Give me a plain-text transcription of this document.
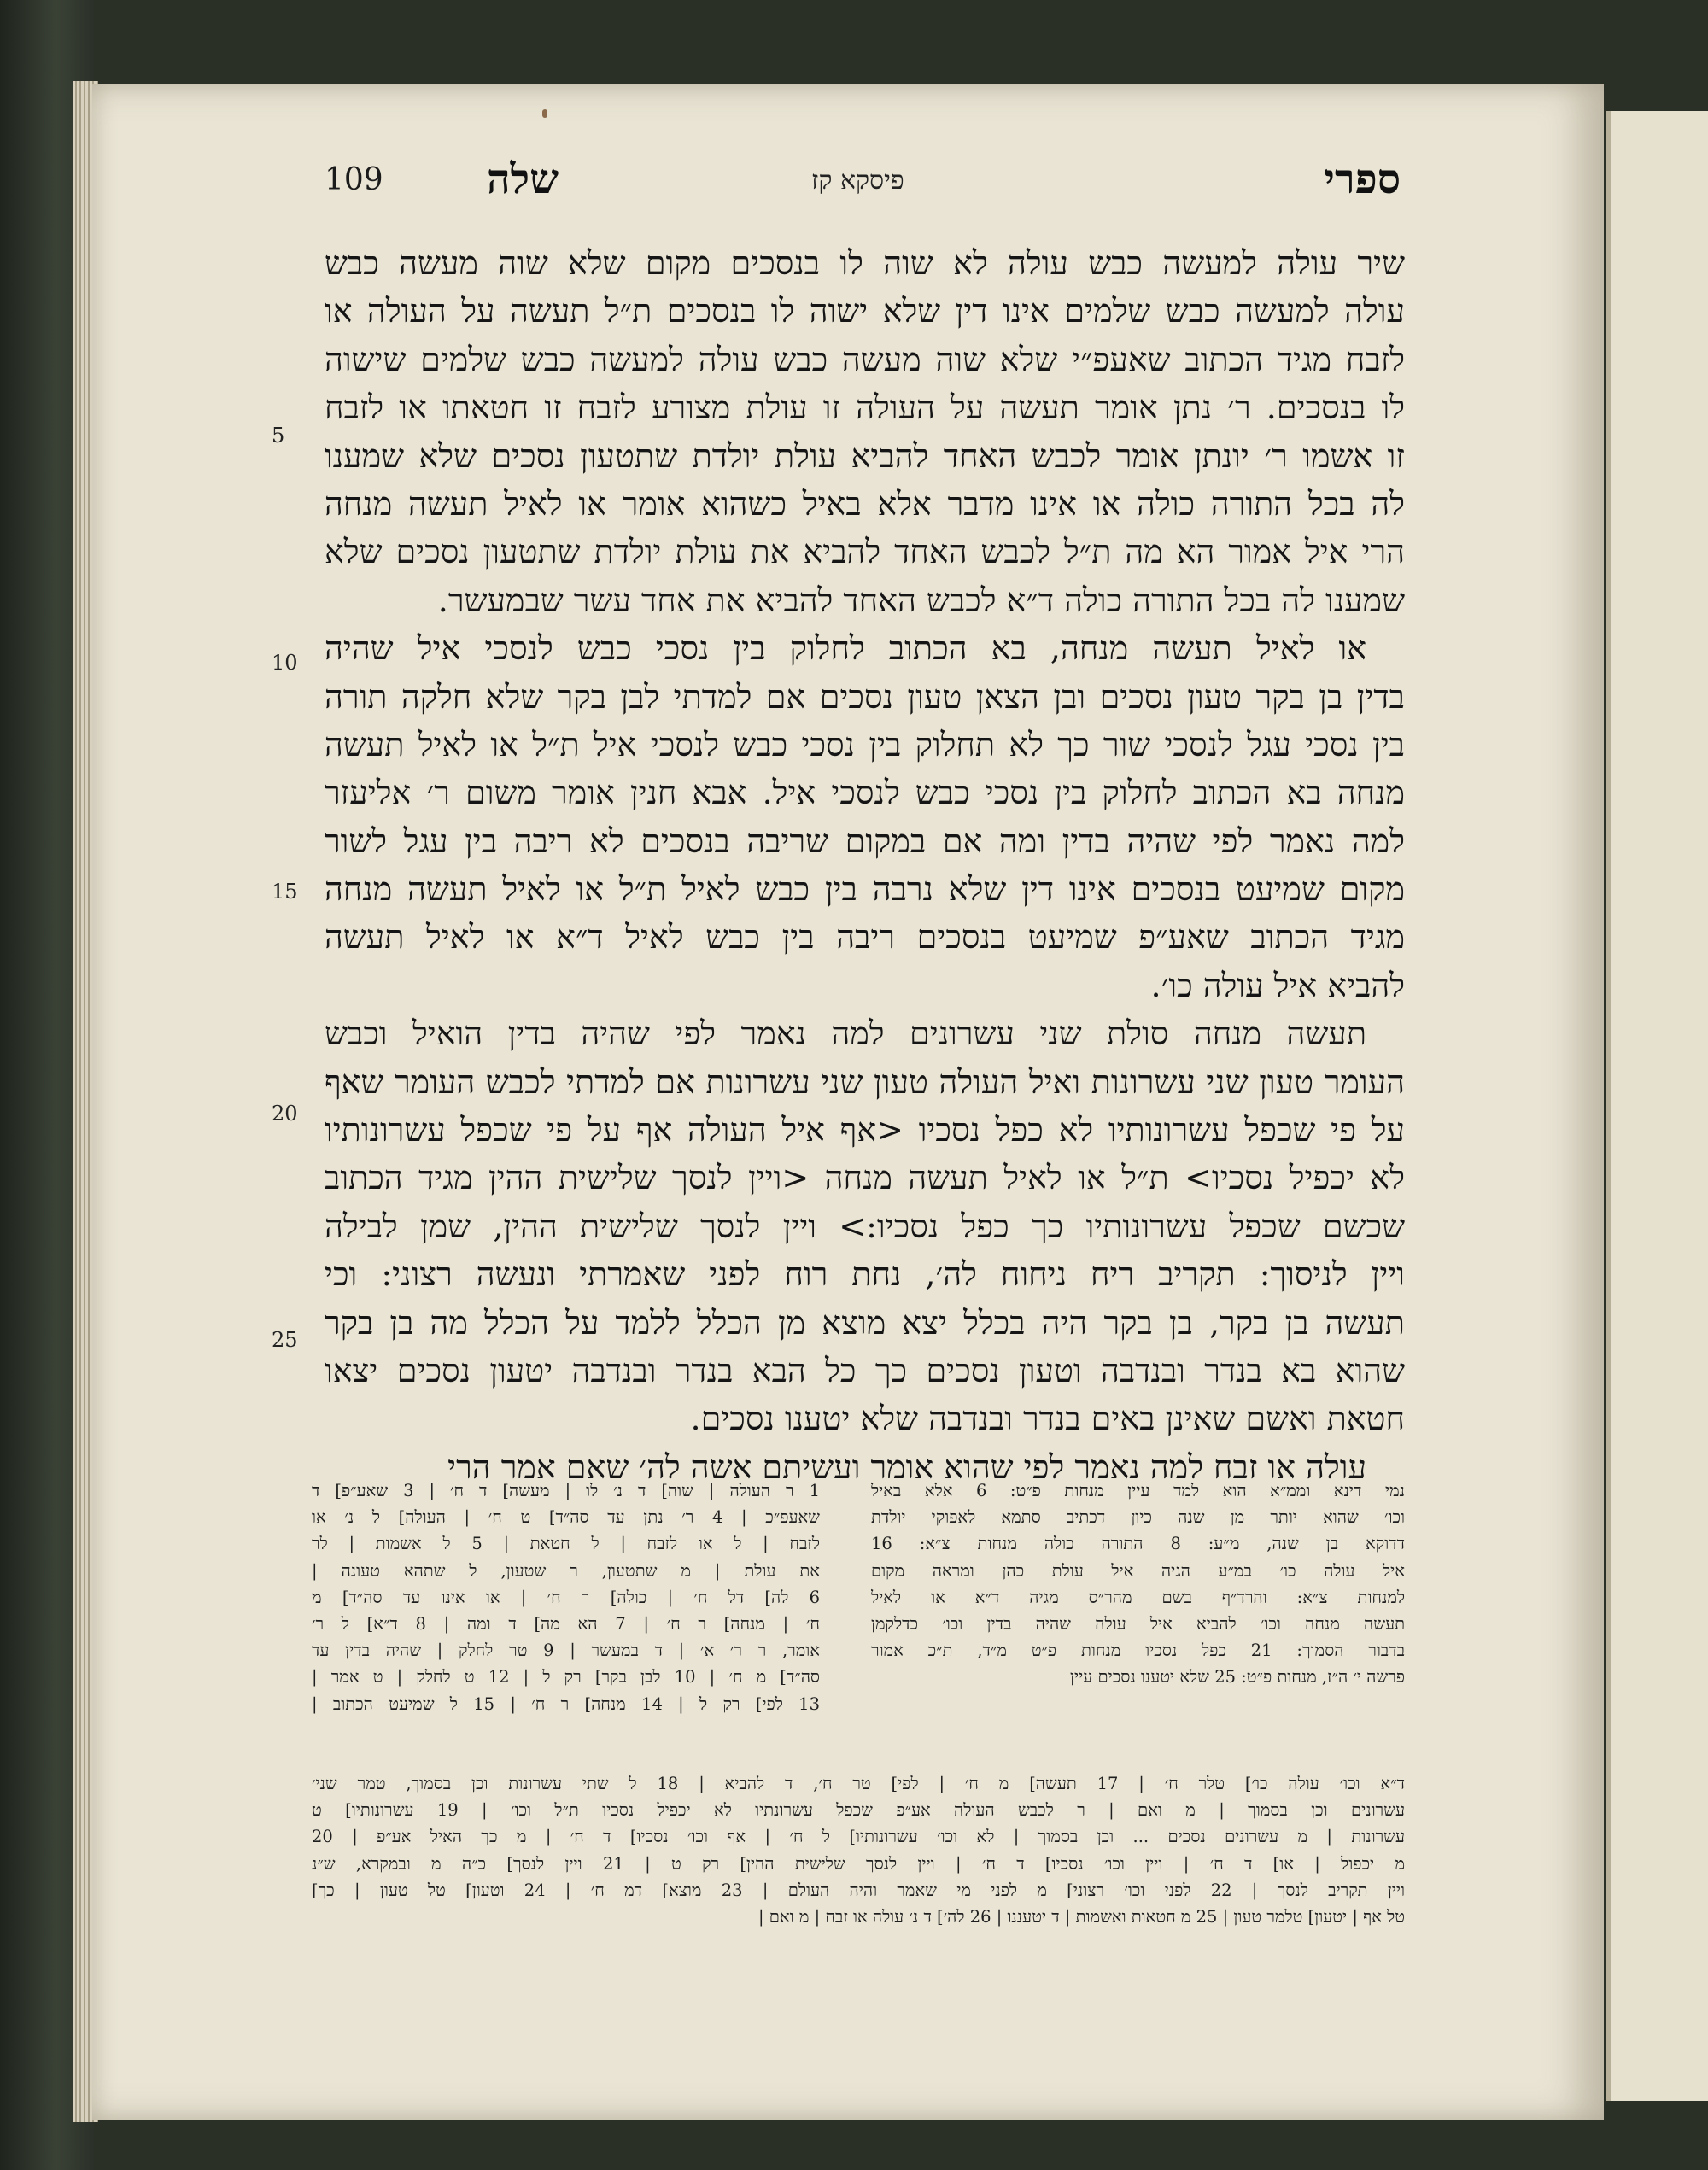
109	שלה	פיסקא קז	ספרי
5
10
15
20
25
שיר עולה למעשה כבש עולה לא שוה לו בנסכים מקום שלא שוה מעשה כבש
עולה למעשה כבש שלמים אינו דין שלא ישוה לו בנסכים ת״ל תעשה על העולה או
לזבח מגיד הכתוב שאעפ״י שלא שוה מעשה כבש עולה למעשה כבש שלמים שישוה
לו בנסכים. ר׳ נתן אומר תעשה על העולה זו עולת מצורע לזבח זו חטאתו או לזבח
זו אשמו ר׳ יונתן אומר לכבש האחד להביא עולת יולדת שתטעון נסכים שלא שמענו
לה בכל התורה כולה או אינו מדבר אלא באיל כשהוא אומר או לאיל תעשה מנחה
הרי איל אמור הא מה ת״ל לכבש האחד להביא את עולת יולדת שתטעון נסכים שלא
שמענו לה בכל התורה כולה ד״א לכבש האחד להביא את אחד עשר שבמעשר.
או לאיל תעשה מנחה, בא הכתוב לחלוק בין נסכי כבש לנסכי איל שהיה
בדין בן בקר טעון נסכים ובן הצאן טעון נסכים אם למדתי לבן בקר שלא חלקה תורה
בין נסכי עגל לנסכי שור כך לא תחלוק בין נסכי כבש לנסכי איל ת״ל או לאיל תעשה
מנחה בא הכתוב לחלוק בין נסכי כבש לנסכי איל. אבא חנין אומר משום ר׳ אליעזר
למה נאמר לפי שהיה בדין ומה אם במקום שריבה בנסכים לא ריבה בין עגל לשור
מקום שמיעט בנסכים אינו דין שלא נרבה בין כבש לאיל ת״ל או לאיל תעשה מנחה
מגיד הכתוב שאע״פ שמיעט בנסכים ריבה בין כבש לאיל ד״א או לאיל תעשה
להביא איל עולה כו׳.
תעשה מנחה סולת שני עשרונים למה נאמר לפי שהיה בדין הואיל וכבש
העומר טעון שני עשרונות ואיל העולה טעון שני עשרונות אם למדתי לכבש העומר שאף
על פי שכפל עשרונותיו לא כפל נסכיו <אף איל העולה אף על פי שכפל עשרונותיו
לא יכפיל נסכיו> ת״ל או לאיל תעשה מנחה <ויין לנסך שלישית ההין מגיד הכתוב
שכשם שכפל עשרונותיו כך כפל נסכיו:> ויין לנסך שלישית ההין, שמן לבילה
ויין לניסוך: תקריב ריח ניחוח לה׳, נחת רוח לפני שאמרתי ונעשה רצוני: וכי
תעשה בן בקר, בן בקר היה בכלל יצא מוצא מן הכלל ללמד על הכלל מה בן בקר
שהוא בא בנדר ובנדבה וטעון נסכים כך כל הבא בנדר ובנדבה יטעון נסכים יצאו
חטאת ואשם שאינן באים בנדר ובנדבה שלא יטענו נסכים.
עולה או זבח למה נאמר לפי שהוא אומר ועשיתם אשה לה׳ שאם אמר הרי
נמי דינא וממ״א הוא למד עיין מנחות פ״ט: 6 אלא באיל
וכו׳ שהוא יותר מן שנה כיון דכתיב סתמא לאפוקי יולדת
דדוקא בן שנה, מ״ע: 8 התורה כולה מנחות צ״א: 16
איל עולה כו׳ במ״ע הגיה איל עולת כהן ומראה מקום
למנחות צ״א: והרד״ף בשם מהר״ס מגיה ד״א או לאיל
תעשה מנחה וכו׳ להביא איל עולה שהיה בדין וכו׳ כדלקמן
בדבור הסמוך: 21 כפל נסכיו מנחות פ״ט מ״ד, ת״כ אמור
פרשה י׳ ה״ז, מנחות פ״ט: 25 שלא יטענו נסכים עיין
1 ר העולה | שוה] ד נ׳ לו | מעשה] ד ח׳ | 3 שאע״פ] ד
שאעפ״כ | 4 ר׳ נתן עד סה״ד] ט ח׳ | העולה] ל נ׳ או
לזבח | ל או לזבח | ל חטאת | 5 ל אשמות | לר
את עולת | מ שתטעון, ר שטעון, ל שתהא טעונה |
6 לה] דל ח׳ | כולה] ר ח׳ | או אינו עד סה״ד] מ
ח׳ | מנחה] ר ח׳ | 7 הא מה] ד ומה | 8 ד״א] ל ר׳
אומר, ר ר׳ א׳ | ד במעשר | 9 טר לחלק | שהיה בדין עד
סה״ד] מ ח׳ | 10 לבן בקר] רק ל | 12 ט לחלק | ט אמר |
13 לפי] רק ל | 14 מנחה] ר ח׳ | 15 ל שמיעט הכתוב |
ד״א וכו׳ עולה כו׳] טלר ח׳ | 17 תעשה] מ ח׳ | לפי] טר ח׳, ד להביא | 18 ל שתי עשרונות וכן בסמוך, טמר שני׳
עשרונים וכן בסמוך | מ ואם | ר לכבש העולה אע״פ שכפל עשרונתיו לא יכפיל נסכיו ת״ל וכו׳ | 19 עשרונותיו] ט
עשרונות | מ עשרונים נסכים ... וכן בסמוך | לא וכו׳ עשרונותיו] ל ח׳ | אף וכו׳ נסכיו] ד ח׳ | מ כך האיל אע״פ | 20
מ יכפול | או] ד ח׳ | ויין וכו׳ נסכיו] ד ח׳ | ויין לנסך שלישית ההין] רק ט | 21 ויין לנסך] כ״ה מ ובמקרא, ש״נ
ויין תקריב לנסך | 22 לפני וכו׳ רצוני] מ לפני מי שאמר והיה העולם | 23 מוצא] דמ ח׳ | 24 וטעון] טל טעון | כך]
טל אף | יטעון] טלמר טעון | 25 מ חטאות ואשמות | ד יטעננו | 26 לה׳] ד נ׳ עולה או זבח | מ ואם |
